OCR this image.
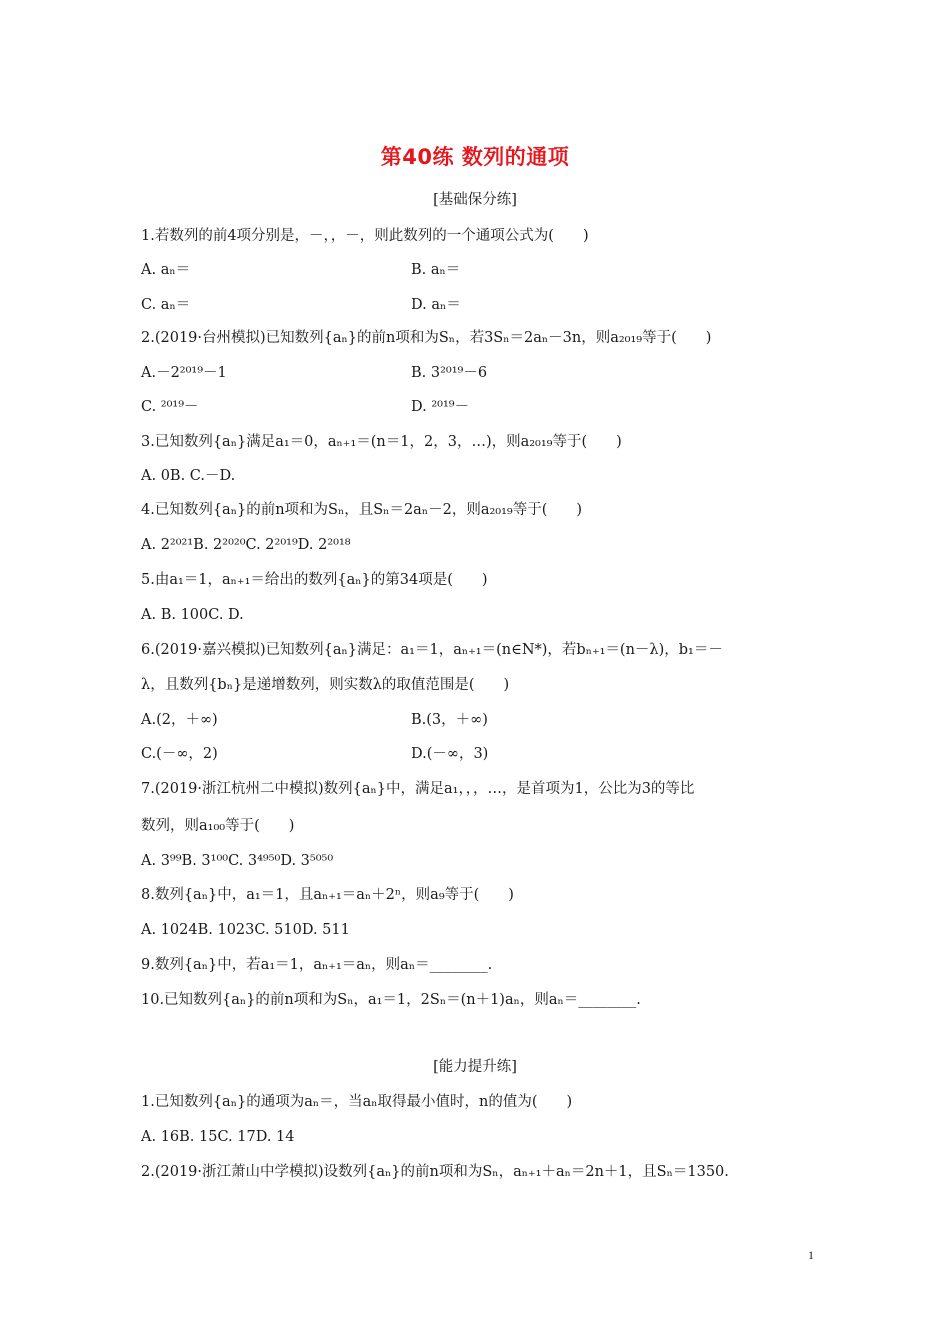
第40练 数列的通项
[基础保分练]
1.若数列的前4项分别是，－，，－，则此数列的一个通项公式为(　　)
A. aₙ＝	B. aₙ＝
C. aₙ＝	D. aₙ＝
2.(2019·台州模拟)已知数列{aₙ}的前n项和为Sₙ，若3Sₙ＝2aₙ－3n，则a₂₀₁₉等于(　　)
A.－2²⁰¹⁹－1	B. 3²⁰¹⁹－6
C. ²⁰¹⁹－	D. ²⁰¹⁹－
3.已知数列{aₙ}满足a₁＝0，aₙ₊₁＝(n＝1，2，3，…)，则a₂₀₁₉等于(　　)
A. 0B. C.－D.
4.已知数列{aₙ}的前n项和为Sₙ，且Sₙ＝2aₙ－2，则a₂₀₁₉等于(　　)
A. 2²⁰²¹B. 2²⁰²⁰C. 2²⁰¹⁹D. 2²⁰¹⁸
5.由a₁＝1，aₙ₊₁＝给出的数列{aₙ}的第34项是(　　)
A. B. 100C. D.
6.(2019·嘉兴模拟)已知数列{aₙ}满足：a₁＝1，aₙ₊₁＝(n∈N*)，若bₙ₊₁＝(n－λ)，b₁＝－
λ，且数列{bₙ}是递增数列，则实数λ的取值范围是(　　)
A.(2，＋∞)	B.(3，＋∞)
C.(－∞，2)	D.(－∞，3)
7.(2019·浙江杭州二中模拟)数列{aₙ}中，满足a₁，，，…，是首项为1，公比为3的等比
数列，则a₁₀₀等于(　　)
A. 3⁹⁹B. 3¹⁰⁰C. 3⁴⁹⁵⁰D. 3⁵⁰⁵⁰
8.数列{aₙ}中，a₁＝1，且aₙ₊₁＝aₙ＋2ⁿ，则a₉等于(　　)
A. 1024B. 1023C. 510D. 511
9.数列{aₙ}中，若a₁＝1，aₙ₊₁＝aₙ，则aₙ＝________.
10.已知数列{aₙ}的前n项和为Sₙ，a₁＝1，2Sₙ＝(n＋1)aₙ，则aₙ＝________.
[能力提升练]
1.已知数列{aₙ}的通项为aₙ＝，当aₙ取得最小值时，n的值为(　　)
A. 16B. 15C. 17D. 14
2.(2019·浙江萧山中学模拟)设数列{aₙ}的前n项和为Sₙ，aₙ₊₁＋aₙ＝2n＋1，且Sₙ＝1350.
1
